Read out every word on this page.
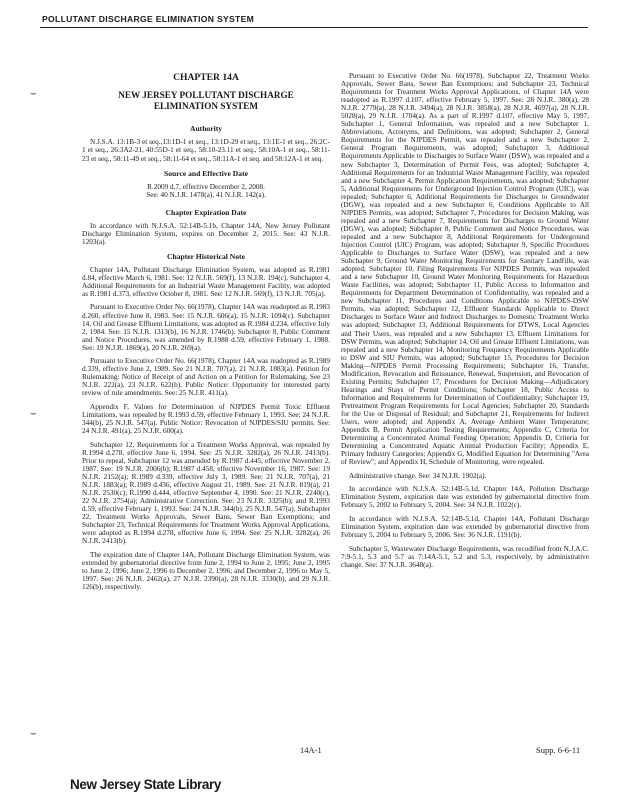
POLLUTANT DISCHARGE ELIMINATION SYSTEM
⌣
⌣
⌣
CHAPTER 14A
NEW JERSEY POLLUTANT DISCHARGE
ELIMINATION SYSTEM
Authority

N.J.S.A. 13:1B-3 et seq.,13:1D-1 et seq., 13:1D-29 et seq., 13:1E-1 et seq., 26:2C-1 et seq., 26:3A2-21, 40:55D-1 et seq., 58:10-23.11 et seq., 58:10A-1 et seq., 58:11-23 et seq., 58:11-49 et seq., 58:11-64 et seq., 58:11A-1 et seq. and 58:12A-1 et seq.

Source and Effective Date

R.2009 d.7, effective December 2, 2008.
See: 40 N.J.R. 1478(a), 41 N.J.R. 142(a).

Chapter Expiration Date

In accordance with N.J.S.A. 52:14B-5.1b, Chapter 14A, New Jersey Pollutant Discharge Elimination System, expires on December 2, 2015. See: 43 N.J.R. 1203(a).

Chapter Historical Note

Chapter 14A, Pollutant Discharge Elimination System, was adopted as R.1981 d.84, effective March 6, 1981. See: 12 N.J.R. 569(f), 13 N.J.R. 194(c). Subchapter 4, Additional Requirements for an Industrial Waste Management Facility, was adopted as R.1981 d.373, effective October 8, 1981. See: 12 N.J.R. 569(f), 13 N.J.R. 705(a).

Pursuant to Executive Order No. 66(1978), Chapter 14A was readopted as R.1983 d.260, effective June 8, 1983. See: 15 N.J.R. 606(a), 15 N.J.R. 1094(c). Subchapter 14, Oil and Grease Effluent Limitations, was adopted as R.1984 d.234, effective July 2, 1984. See: 15 N.J.R. 1313(b), 16 N.J.R. 1746(b). Subchapter 8, Public Comment and Notice Procedures, was amended by R.1988 d.59, effective February 1, 1988. See: 19 N.J.R. 1869(a), 20 N.J.R. 269(a).

Pursuant to Executive Order No. 66(1978), Chapter 14A was readopted as R.1989 d.339, effective June 2, 1989. See 21 N.J.R. 707(a), 21 N.J.R. 1883(a). Petition for Rulemaking: Notice of Receipt of and Action on a Petition for Rulemaking. See 23 N.J.R. 222(a), 23 N.J.R. 622(b). Public Notice: Opportunity for interested party review of rule amendments. See: 25 N.J.R. 411(a).

Appendix F, Values for Determination of NJPDES Permit Toxic Effluent Limitations, was repealed by R.1993 d.59, effective February 1, 1993. See: 24 N.J.R. 344(b), 25 N.J.R. 547(a). Public Notice: Revocation of NJPDES/SIU permits. See: 24 N.J.R. 491(a), 25 N.J.R. 600(a).

Subchapter 12, Requirements for a Treatment Works Approval, was repealed by R.1994 d.278, effective June 6, 1994. See: 25 N.J.R. 3282(a), 26 N.J.R. 2413(b). Prior to repeal, Subchapter 12 was amended by R.1987 d.445, effective November 2, 1987. See: 19 N.J.R. 2006(b); R.1987 d.458, effective November 16, 1987. See: 19 N.J.R. 2152(a); R.1989 d.339, effective July 3, 1989. See: 21 N.J.R. 707(a), 21 N.J.R. 1883(a); R.1989 d.436, effective August 21, 1989. See: 21 N.J.R. 819(a), 21 N.J.R. 2530(c); R.1990 d.444, effective September 4, 1990. See: 21 N.J.R. 2240(c), 22 N.J.R. 2754(a); Administrative Correction. See: 23 N.J.R. 3325(b); and R.1993 d.59, effective February 1, 1993. See: 24 N.J.R. 344(b), 25 N.J.R. 547(a). Subchapter 22, Treatment Works Approvals, Sewer Bans, Sewer Ban Exemptions; and Subchapter 23, Technical Requirements for Treatment Works Approval Applications, were adopted as R.1994 d.278, effective June 6, 1994. See: 25 N.J.R. 3282(a), 26 N.J.R. 2413(b).

The expiration date of Chapter 14A, Pollutant Discharge Elimination System, was extended by gubernatorial directive from June 2, 1994 to June 2, 1995; June 2, 1995 to June 2, 1996; June 2, 1996 to December 2, 1996; and December 2, 1996 to May 5, 1997. See: 26 N.J.R. 2462(a), 27 N.J.R. 2390(a), 28 N.J.R. 3330(b), and 29 N.J.R. 126(b), respectively.

Pursuant to Executive Order No. 66(1978), Subchapter 22, Treatment Works Approvals, Sewer Bans, Sewer Ban Exemptions; and Subchapter 23, Technical Requirements for Treatment Works Approval Applications, of Chapter 14A were readopted as R.1997 d.107, effective February 5, 1997. See: 28 N.J.R. 380(a), 28 N.J.R. 2779(a), 28 N.J.R. 3494(a), 28 N.J.R. 3858(a), 28 N.J.R. 4697(a), 28 N.J.R. 5028(a), 29 N.J.R. 1704(a). As a part of R.1997 d.107, effective May 5, 1997, Subchapter 1, General Information, was repealed and a new Subchapter 1, Abbreviations, Acronyms, and Definitions, was adopted; Subchapter 2, General Requirements for the NJPDES Permit, was repealed and a new Subchapter 2, General Program Requirements, was adopted; Subchapter 3, Additional Requirements Applicable to Discharges to Surface Water (DSW), was repealed and a new Subchapter 3, Determination of Permit Fees, was adopted; Subchapter 4, Additional Requirements for an Industrial Waste Management Facility, was repealed and a new Subchapter 4, Permit Application Requirements, was adopted; Subchapter 5, Additional Requirements for Underground Injection Control Program (UIC), was repealed; Subchapter 6, Additional Requirements for Discharges to Groundwater (DGW), was repealed and a new Subchapter 6, Conditions Applicable to All NJPDES Permits, was adopted; Subchapter 7, Procedures for Decision Making, was repealed and a new Subchapter 7, Requirements for Discharges to Ground Water (DGW), was adopted; Subchapter 8, Public Comment and Notice Procedures, was repealed and a new Subchapter 8, Additional Requirements for Underground Injection Control (UIC) Program, was adopted; Subchapter 9, Specific Procedures Applicable to Discharges to Surface Water (DSW), was repealed and a new Subchapter 9, Ground Water Monitoring Requirements for Sanitary Landfills, was adopted; Subchapter 10, Filing Requirements For NJPDES Permits, was repealed and a new Subchapter 10, Ground Water Monitoring Requirements for Hazardous Waste Facilities, was adopted; Subchapter 11, Public Access to Information and Requirements for Department Determination of Confidentiality, was repealed and a new Subchapter 11, Procedures and Conditions Applicable to NJPDES-DSW Permits, was adopted; Subchapter 12, Effluent Standards Applicable to Direct Discharges to Surface Water and Indirect Discharges to Domestic Treatment Works was adopted; Subchapter 13, Additional Requirements for DTWS, Local Agencies and Their Users, was repealed and a new Subchapter 13, Effluent Limitations for DSW Permits, was adopted; Subchapter 14, Oil and Grease Effluent Limitations, was repealed and a new Subchapter 14, Monitoring Frequency Requirements Applicable to DSW and SIU Permits, was adopted; Subchapter 15, Procedures for Decision Making—NJPDES Permit Processing Requirements; Subchapter 16, Transfer, Modification, Revocation and Reissuance, Renewal, Suspension, and Revocation of Existing Permits; Subchapter 17, Procedures for Decision Making—Adjudicatory Hearings and Stays of Permit Conditions; Subchapter 18, Public Access to Information and Requirements for Determination of Confidentiality; Subchapter 19, Pretreatment Program Requirements for Local Agencies; Subchapter 20, Standards for the Use or Disposal of Residual; and Subchapter 21, Requirements for Indirect Users, were adopted; and Appendix A, Average Ambient Water Temperature; Appendix B, Permit Application Testing Requirements; Appendix C, Criteria for Determining a Concentrated Animal Feeding Operation; Appendix D, Criteria for Determining a Concentrated Aquatic Animal Production Facility; Appendix E, Primary Industry Categories; Appendix G, Modified Equation for Determining "Area of Review"; and Appendix H, Schedule of Monitoring, were repealed.

Administrative change. See: 34 N.J.R. 1902(a).

In accordance with N.J.S.A. 52:14B-5.1d, Chapter 14A, Pollution Discharge Elimination System, expiration date was extended by gubernatorial directive from February 5, 2002 to February 5, 2004. See: 34 N.J.R. 1022(c).

In accordance with N.J.S.A. 52:14B-5.1d, Chapter 14A, Pollutant Discharge Elimination System, expiration date was extended by gubernatorial directive from February 5, 2004 to February 5, 2006. See: 36 N.J.R. 1191(b).

Subchapter 5, Wastewater Discharge Requirements, was recodified from N.J.A.C. 7:9-5.1, 5.3 and 5.7 as 7:14A-5.1, 5.2 and 5.3, respectively, by administrative change. See: 37 N.J.R. 3648(a).

14A-1	Supp. 6-6-11
New Jersey State Library
